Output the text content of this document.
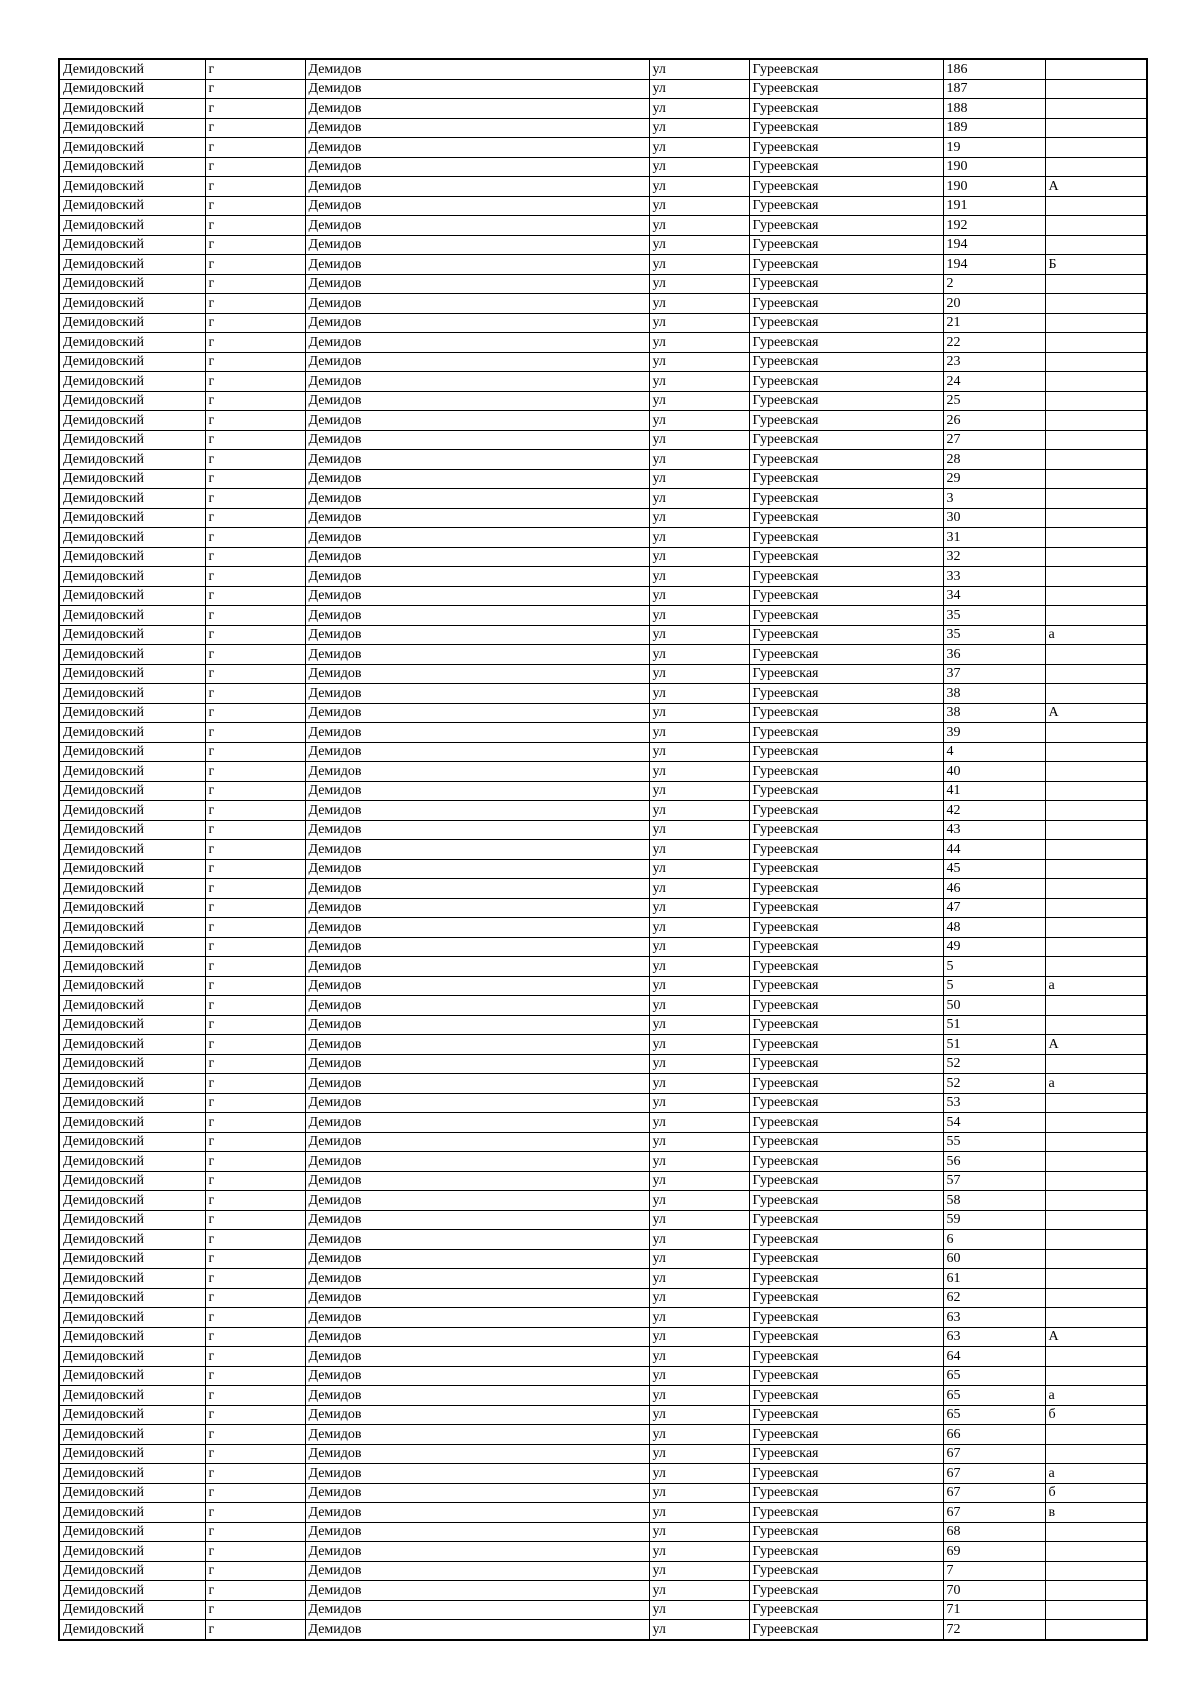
Демидовский	г	Демидов	ул	Гуреевская	186	
Демидовский	г	Демидов	ул	Гуреевская	187	
Демидовский	г	Демидов	ул	Гуреевская	188	
Демидовский	г	Демидов	ул	Гуреевская	189	
Демидовский	г	Демидов	ул	Гуреевская	19	
Демидовский	г	Демидов	ул	Гуреевская	190	
Демидовский	г	Демидов	ул	Гуреевская	190	А
Демидовский	г	Демидов	ул	Гуреевская	191	
Демидовский	г	Демидов	ул	Гуреевская	192	
Демидовский	г	Демидов	ул	Гуреевская	194	
Демидовский	г	Демидов	ул	Гуреевская	194	Б
Демидовский	г	Демидов	ул	Гуреевская	2	
Демидовский	г	Демидов	ул	Гуреевская	20	
Демидовский	г	Демидов	ул	Гуреевская	21	
Демидовский	г	Демидов	ул	Гуреевская	22	
Демидовский	г	Демидов	ул	Гуреевская	23	
Демидовский	г	Демидов	ул	Гуреевская	24	
Демидовский	г	Демидов	ул	Гуреевская	25	
Демидовский	г	Демидов	ул	Гуреевская	26	
Демидовский	г	Демидов	ул	Гуреевская	27	
Демидовский	г	Демидов	ул	Гуреевская	28	
Демидовский	г	Демидов	ул	Гуреевская	29	
Демидовский	г	Демидов	ул	Гуреевская	3	
Демидовский	г	Демидов	ул	Гуреевская	30	
Демидовский	г	Демидов	ул	Гуреевская	31	
Демидовский	г	Демидов	ул	Гуреевская	32	
Демидовский	г	Демидов	ул	Гуреевская	33	
Демидовский	г	Демидов	ул	Гуреевская	34	
Демидовский	г	Демидов	ул	Гуреевская	35	
Демидовский	г	Демидов	ул	Гуреевская	35	а
Демидовский	г	Демидов	ул	Гуреевская	36	
Демидовский	г	Демидов	ул	Гуреевская	37	
Демидовский	г	Демидов	ул	Гуреевская	38	
Демидовский	г	Демидов	ул	Гуреевская	38	А
Демидовский	г	Демидов	ул	Гуреевская	39	
Демидовский	г	Демидов	ул	Гуреевская	4	
Демидовский	г	Демидов	ул	Гуреевская	40	
Демидовский	г	Демидов	ул	Гуреевская	41	
Демидовский	г	Демидов	ул	Гуреевская	42	
Демидовский	г	Демидов	ул	Гуреевская	43	
Демидовский	г	Демидов	ул	Гуреевская	44	
Демидовский	г	Демидов	ул	Гуреевская	45	
Демидовский	г	Демидов	ул	Гуреевская	46	
Демидовский	г	Демидов	ул	Гуреевская	47	
Демидовский	г	Демидов	ул	Гуреевская	48	
Демидовский	г	Демидов	ул	Гуреевская	49	
Демидовский	г	Демидов	ул	Гуреевская	5	
Демидовский	г	Демидов	ул	Гуреевская	5	а
Демидовский	г	Демидов	ул	Гуреевская	50	
Демидовский	г	Демидов	ул	Гуреевская	51	
Демидовский	г	Демидов	ул	Гуреевская	51	А
Демидовский	г	Демидов	ул	Гуреевская	52	
Демидовский	г	Демидов	ул	Гуреевская	52	а
Демидовский	г	Демидов	ул	Гуреевская	53	
Демидовский	г	Демидов	ул	Гуреевская	54	
Демидовский	г	Демидов	ул	Гуреевская	55	
Демидовский	г	Демидов	ул	Гуреевская	56	
Демидовский	г	Демидов	ул	Гуреевская	57	
Демидовский	г	Демидов	ул	Гуреевская	58	
Демидовский	г	Демидов	ул	Гуреевская	59	
Демидовский	г	Демидов	ул	Гуреевская	6	
Демидовский	г	Демидов	ул	Гуреевская	60	
Демидовский	г	Демидов	ул	Гуреевская	61	
Демидовский	г	Демидов	ул	Гуреевская	62	
Демидовский	г	Демидов	ул	Гуреевская	63	
Демидовский	г	Демидов	ул	Гуреевская	63	А
Демидовский	г	Демидов	ул	Гуреевская	64	
Демидовский	г	Демидов	ул	Гуреевская	65	
Демидовский	г	Демидов	ул	Гуреевская	65	а
Демидовский	г	Демидов	ул	Гуреевская	65	б
Демидовский	г	Демидов	ул	Гуреевская	66	
Демидовский	г	Демидов	ул	Гуреевская	67	
Демидовский	г	Демидов	ул	Гуреевская	67	а
Демидовский	г	Демидов	ул	Гуреевская	67	б
Демидовский	г	Демидов	ул	Гуреевская	67	в
Демидовский	г	Демидов	ул	Гуреевская	68	
Демидовский	г	Демидов	ул	Гуреевская	69	
Демидовский	г	Демидов	ул	Гуреевская	7	
Демидовский	г	Демидов	ул	Гуреевская	70	
Демидовский	г	Демидов	ул	Гуреевская	71	
Демидовский	г	Демидов	ул	Гуреевская	72	
